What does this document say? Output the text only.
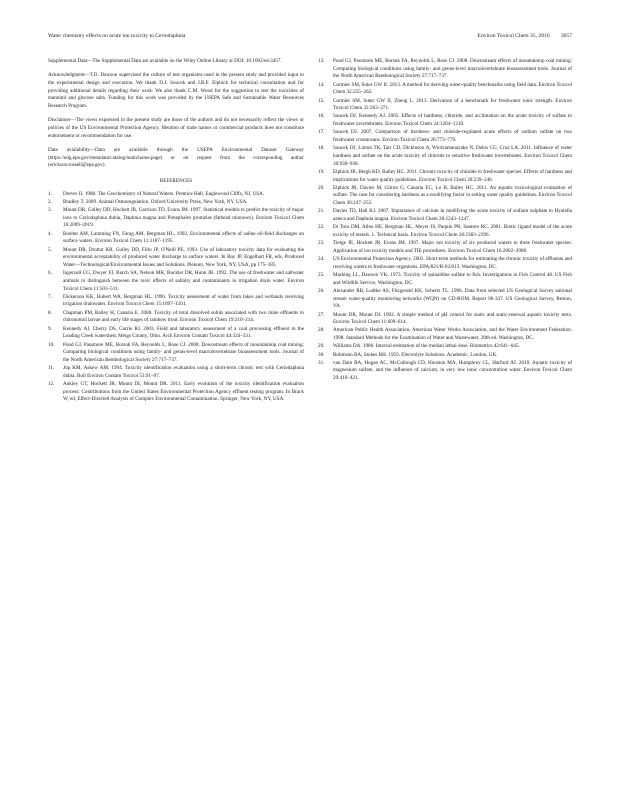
Water chemistry effects on acute ion toxicity to Ceriodaphnia	Environ Toxicol Chem 35, 2016 3057

Supplemental Data—The Supplemental Data are available on the Wiley Online Library at DOI: 10.1002/etc3457.

Acknowledgment—T.D. Dawson supervised the culture of test organisms used in the present study and provided input to the experimental design and execution. We thank D.J. Soucek and J.B.F. Elphick for technical consultation and for providing additional details regarding their work. We also thank C.M. Wood for the suggestion to test the toxicities of mannitol and glucose salts. Funding for this work was provided by the USEPA Safe and Sustainable Water Resources Research Program.

Disclaimer—The views expressed in the present study are those of the authors and do not necessarily reflect the views or policies of the US Environmental Protection Agency. Mention of trade names or commercial products does not constitute endorsement or recommendation for use.

Data availability—Data are available through the USEPA Environmental Dataset Gateway (https://edg.epa.gov/metadata/catalog/main/home.page) or on request from the corresponding author (erickson.russell@epa.gov).

REFERENCES
1. Drever JI. 1988. The Geochemistry of Natural Waters. Prentice Hall, Englewood Cliffs, NJ, USA.
2. Bradley T. 2009. Animal Osmoregulation. Oxford University Press, New York, NY, USA.
3. Mount DR, Gulley DD, Hockett JR, Garrison TD, Evans JM. 1997. Statistical models to predict the toxicity of major ions to Ceriodaphnia dubia, Daphnia magna and Pimephales promelas (fathead minnows). Environ Toxicol Chem 16:2009–2019.
4. Boelter AM, Lamming FN, Farag AM, Bergman HL. 1992. Environmental effects of saline oil-field discharges on surface waters. Environ Toxicol Chem 11:1187–1195.
5. Mount DR, Drottar KR, Gulley DD, Fillo JP, O'Neill PE. 1993. Use of laboratory toxicity data for evaluating the environmental acceptability of produced water discharge to surface waters. In Ray JP, Engelhart FR, eds, Produced Water—Technological/Environmental Issues and Solutions. Plenum, New York, NY, USA, pp 175–185.
6. Ingersoll CG, Dwyer FJ, Burch SA, Nelson MK, Buckler DR, Hunn JB. 1992. The use of freshwater and saltwater animals to distinguish between the toxic effects of salinity and contaminants in irrigation drain water. Environ Toxicol Chem 11:503–511.
7. Dickerson KK, Hubert WA, Bergman HL. 1996. Toxicity assessment of water from lakes and wetlands receiving irrigation drainwater. Environ Toxicol Chem 15:1097–1101.
8. Chapman PM, Bailey H, Canaria E. 2000. Toxicity of total dissolved solids associated with two mine effluents to chironomid larvae and early life stages of rainbow trout. Environ Toxicol Chem 19:210–214.
9. Kennedy AJ, Cherry DS, Currie RJ. 2003. Field and laboratory assessment of a coal processing effluent in the Leading Creek watershed, Meigs County, Ohio. Arch Environ Contam Toxicol 44:324–331.
10. Pond GJ, Passmore ME, Borsuk FA, Reynolds L, Rose CJ. 2008. Downstream effects of mountaintop coal mining: Comparing biological conditions using family- and genus-level macroinvertebrate bioassessment tools. Journal of the North American Benthological Society 27:717–737.
11. Jop KM, Askew AM. 1994. Toxicity identification evaluation using a short-term chronic test with Ceriodaphnia dubia. Bull Environ Contam Toxicol 53:91–97.
12. Ankley GT, Hockett JR, Mount DI, Mount DR. 2011. Early evolution of the toxicity identification evaluation process: Contributions from the United States Environmental Protection Agency effluent testing program. In Brack W, ed, Effect-Directed Analysis of Complex Environmental Contamination. Springer, New York, NY, USA.
13. Pond GJ, Passmore ME, Borsuk FA, Reynolds L, Rose CJ. 2008. Downstream effects of mountaintop coal mining: Comparing biological conditions using family- and genus-level macroinvertebrate bioassessment tools. Journal of the North American Benthological Society 27:717–737.
14. Cormier SM, Suter GW II. 2013. A method for deriving water-quality benchmarks using field data. Environ Toxicol Chem 32:255–262.
15. Cormier SM, Suter GW II, Zheng L. 2013. Derivation of a benchmark for freshwater ionic strength. Environ Toxicol Chem 32:263–271.
16. Soucek DJ, Kennedy AJ. 2005. Effects of hardness, chloride, and acclimation on the acute toxicity of sulfate to freshwater invertebrates. Environ Toxicol Chem 24:1204–1210.
17. Soucek DJ. 2007. Comparison of hardness- and chloride-regulated acute effects of sodium sulfate on two freshwater crustaceans. Environ Toxicol Chem 26:773–779.
18. Soucek DJ, Linton TK, Tarr CD, Dickinson A, Wickramanayake N, Delos CG, Cruz LA. 2011. Influence of water hardness and sulfate on the acute toxicity of chloride to sensitive freshwater invertebrates. Environ Toxicol Chem 30:930–938.
19. Elphick JR, Bergh KD, Bailey HC. 2011. Chronic toxicity of chloride to freshwater species: Effects of hardness and implications for water quality guidelines. Environ Toxicol Chem 30:239–246.
20. Elphick JR, Davies M, Gilron G, Canaria EC, Lo B, Bailey HC. 2011. An aquatic toxicological evaluation of sulfate: The case for considering hardness as a modifying factor in setting water quality guidelines. Environ Toxicol Chem 30:247–253.
21. Davies TD, Hall KJ. 2007. Importance of calcium in modifying the acute toxicity of sodium sulphate to Hyalella azteca and Daphnia magna. Environ Toxicol Chem 26:1243–1247.
22. Di Toro DM, Allen HE, Bergman HL, Meyer JS, Paquin PR, Santore RC. 2001. Biotic ligand model of the acute toxicity of metals. 1. Technical basis. Environ Toxicol Chem 20:2383–2396.
23. Tietge JE, Hockett JR, Evans JM. 1997. Major ion toxicity of six produced waters to three freshwater species: Application of ion toxicity models and TIE procedures. Environ Toxicol Chem 16:2002–2008.
24. US Environmental Protection Agency. 2002. Short-term methods for estimating the chronic toxicity of effluents and receiving waters to freshwater organisms. EPA/821/R-02/013. Washington, DC.
25. Marking LL, Dawson VK. 1973. Toxicity of quinaldine sulfate to fish. Investigations in Fish Control 48. US Fish and Wildlife Service, Washington, DC.
26. Alexander RB, Ludtke AS, Fitzgerald KK, Schertz TL. 1996. Data from selected US Geological Survey national stream water-quality monitoring networks (WQN) on CD-ROM. Report 96-337. US Geological Survey, Reston, VA.
27. Mount DR, Mount DI. 1992. A simple method of pH control for static and static-renewal aquatic toxicity tests. Environ Toxicol Chem 11:609–614.
28. American Public Health Association, American Water Works Association, and the Water Environment Federation. 1998. Standard Methods for the Examination of Water and Wastewater, 20th ed. Washington, DC.
29. Williams DA. 1986. Interval estimation of the median lethal dose. Biometrics 42:641–645.
30. Robinson RA, Stokes RH. 1959. Electrolyte Solutions. Academic, London, UK.
31. van Dam RA, Hogan AC, McCullough CD, Houston MA, Humphrey CL, Harford AJ. 2010. Aquatic toxicity of magnesium sulfate, and the influence of calcium, in very low ionic concentration water. Environ Toxicol Chem 29:410–421.
